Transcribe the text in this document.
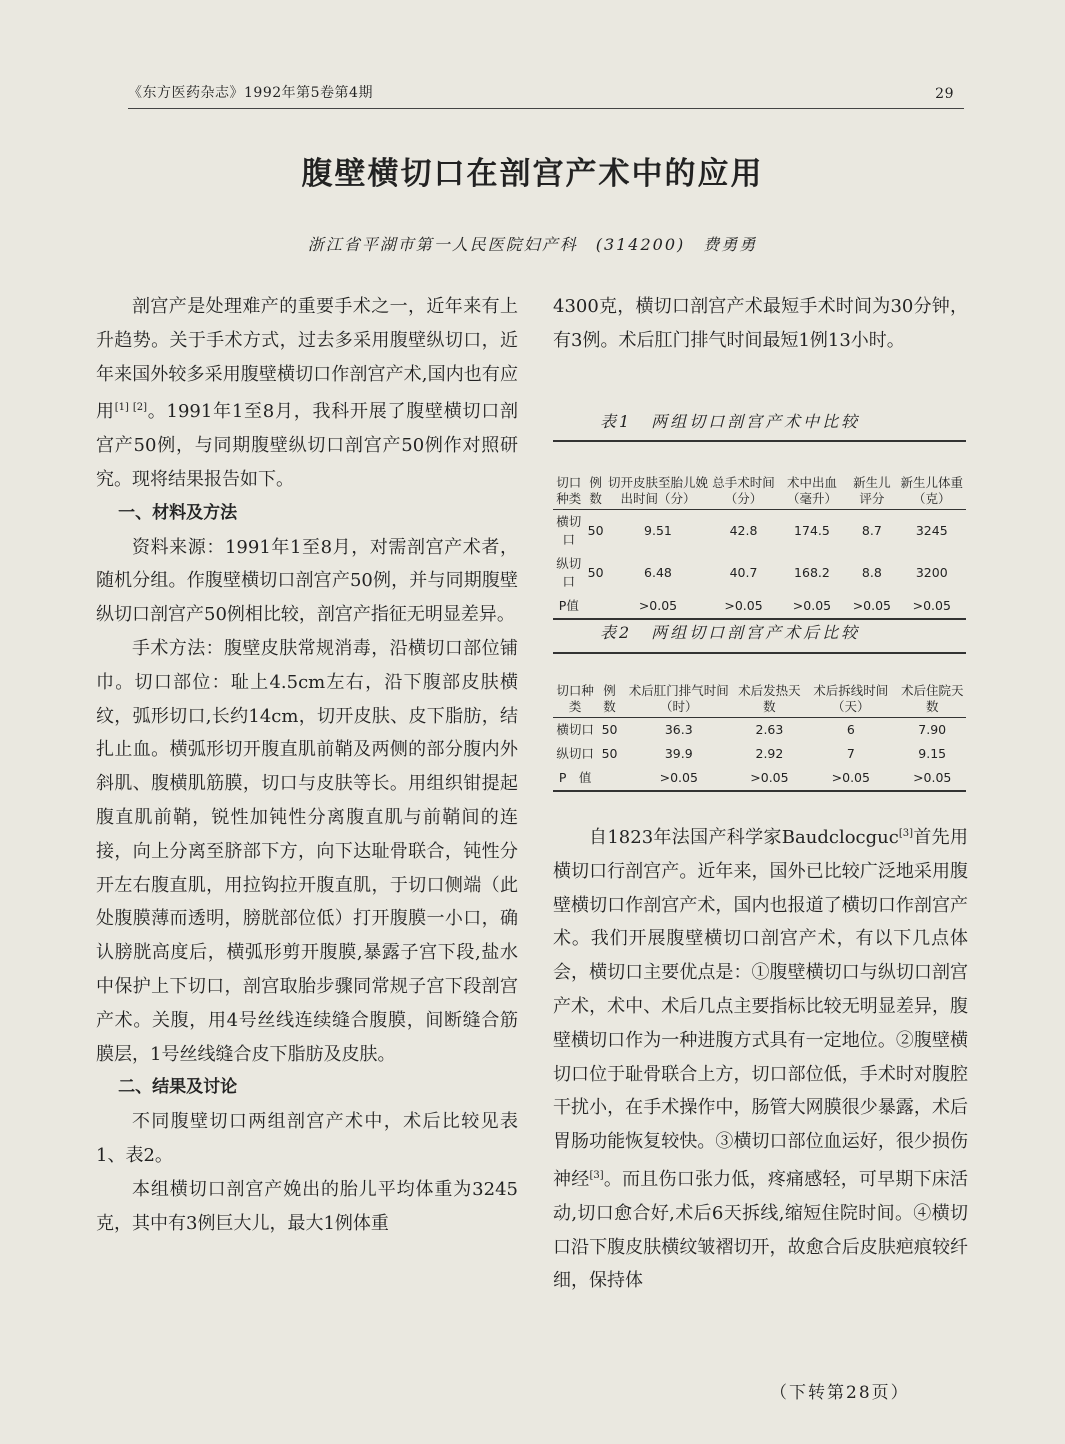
《东方医药杂志》1992年第5卷第4期	29
腹壁横切口在剖宫产术中的应用
浙江省平湖市第一人民医院妇产科　(314200)　费勇勇

剖宫产是处理难产的重要手术之一，近年来有上升趋势。关于手术方式，过去多采用腹壁纵切口，近年来国外较多采用腹壁横切口作剖宫产术,国内也有应用[1] [2]。1991年1至8月，我科开展了腹壁横切口剖宫产50例，与同期腹壁纵切口剖宫产50例作对照研究。现将结果报告如下。

一、材料及方法

资料来源：1991年1至8月，对需剖宫产术者，随机分组。作腹壁横切口剖宫产50例，并与同期腹壁纵切口剖宫产50例相比较，剖宫产指征无明显差异。

手术方法：腹壁皮肤常规消毒，沿横切口部位铺巾。切口部位：耻上4.5cm左右，沿下腹部皮肤横纹，弧形切口,长约14cm，切开皮肤、皮下脂肪，结扎止血。横弧形切开腹直肌前鞘及两侧的部分腹内外斜肌、腹横肌筋膜，切口与皮肤等长。用组织钳提起腹直肌前鞘，锐性加钝性分离腹直肌与前鞘间的连接，向上分离至脐部下方，向下达耻骨联合，钝性分开左右腹直肌，用拉钩拉开腹直肌，于切口侧端（此处腹膜薄而透明，膀胱部位低）打开腹膜一小口，确认膀胱高度后，横弧形剪开腹膜,暴露子宫下段,盐水中保护上下切口，剖宫取胎步骤同常规子宫下段剖宫产术。关腹，用4号丝线连续缝合腹膜，间断缝合筋膜层，1号丝线缝合皮下脂肪及皮肤。

二、结果及讨论

不同腹壁切口两组剖宫产术中，术后比较见表1、表2。

本组横切口剖宫产娩出的胎儿平均体重为3245克，其中有3例巨大儿，最大1例体重

4300克，横切口剖宫产术最短手术时间为30分钟，有3例。术后肛门排气时间最短1例13小时。

表1　两组切口剖宫产术中比较
切口种类	例数	切开皮肤至胎儿娩出时间（分）	总手术时间（分）	术中出血（毫升）	新生儿评分	新生儿体重（克）
横切口	50	9.51	42.8	174.5	8.7	3245
纵切口	50	6.48	40.7	168.2	8.8	3200
P值		>0.05	>0.05	>0.05	>0.05	>0.05
表2　两组切口剖宫产术后比较
切口种类	例数	术后肛门排气时间（时）	术后发热天数	术后拆线时间（天）	术后住院天数
横切口	50	36.3	2.63	6	7.90
纵切口	50	39.9	2.92	7	9.15
P　值		>0.05	>0.05	>0.05	>0.05

自1823年法国产科学家Baudclocguc[3]首先用横切口行剖宫产。近年来，国外已比较广泛地采用腹壁横切口作剖宫产术，国内也报道了横切口作剖宫产术。我们开展腹壁横切口剖宫产术，有以下几点体会，横切口主要优点是：①腹壁横切口与纵切口剖宫产术，术中、术后几点主要指标比较无明显差异，腹壁横切口作为一种进腹方式具有一定地位。②腹壁横切口位于耻骨联合上方，切口部位低，手术时对腹腔干扰小，在手术操作中，肠管大网膜很少暴露，术后胃肠功能恢复较快。③横切口部位血运好，很少损伤神经[3]。而且伤口张力低，疼痛感轻，可早期下床活动,切口愈合好,术后6天拆线,缩短住院时间。④横切口沿下腹皮肤横纹皱褶切开，故愈合后皮肤疤痕较纤细，保持体

（下转第28页）
